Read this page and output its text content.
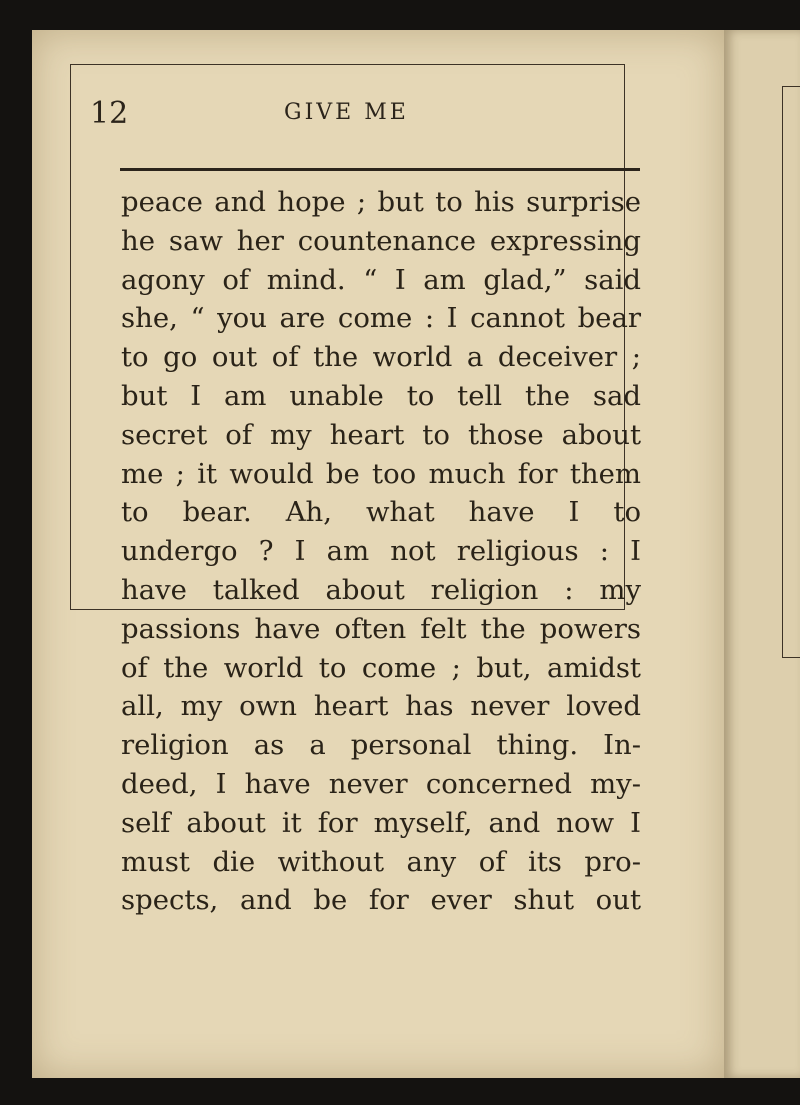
12	GIVE ME
peace and hope ; but to his surprise
he saw her countenance expressing
agony of mind. “ I am glad,” said
she, “ you are come : I cannot bear
to go out of the world a deceiver ;
but I am unable to tell the sad
secret of my heart to those about
me ; it would be too much for them
to bear. Ah, what have I to
undergo ? I am not religious : I
have talked about religion : my
passions have often felt the powers
of the world to come ; but, amidst
all, my own heart has never loved
religion as a personal thing. In-
deed, I have never concerned my-
self about it for myself, and now I
must die without any of its pro-
spects, and be for ever shut out
